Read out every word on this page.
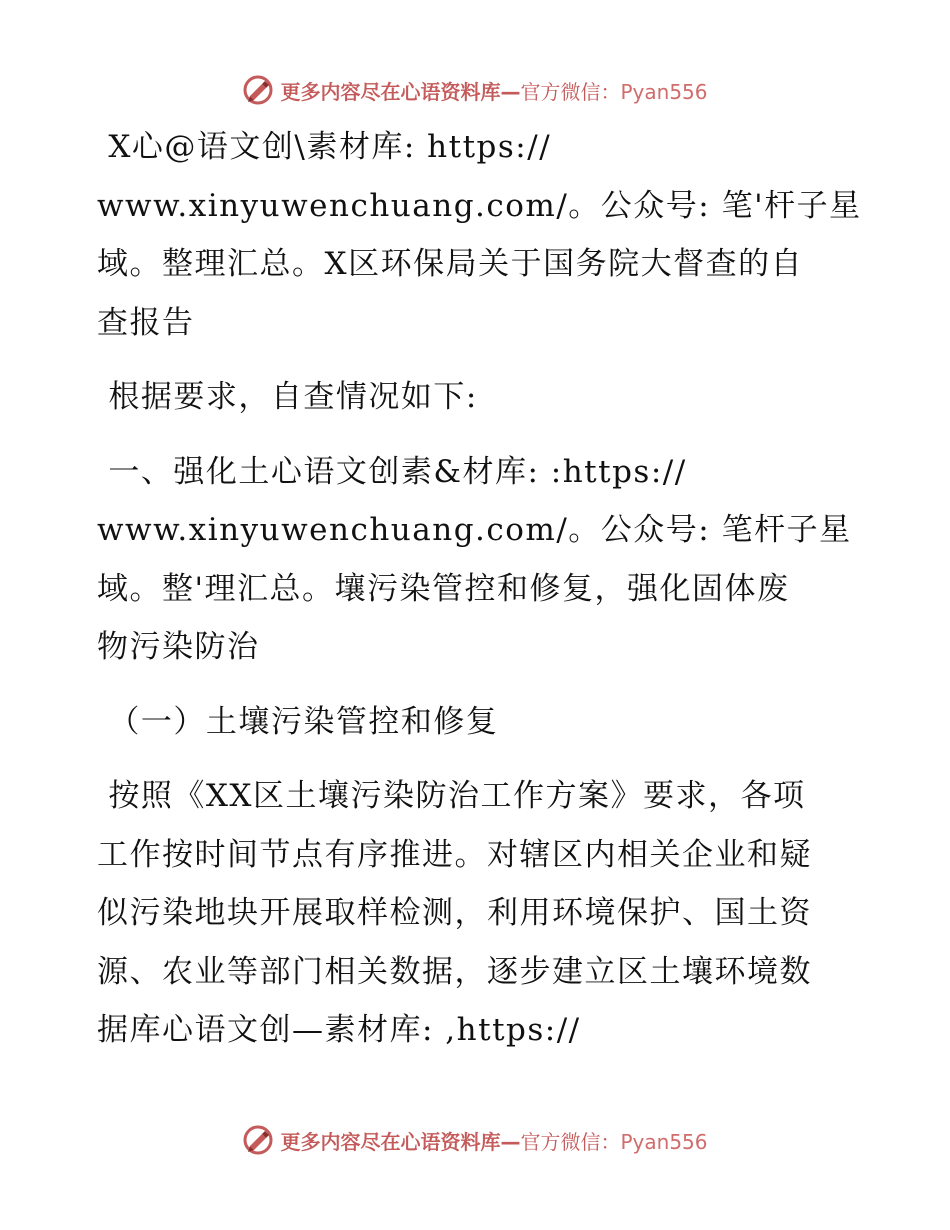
更多内容尽在心语资料库— 官方微信：Pyan556
X心@语文创\素材库: https://
www.xinyuwenchuang.com/。公众号: 笔'杆子星
域。整理汇总。X区环保局关于国务院大督查的自
查报告
根据要求，自查情况如下:
一、强化土心语文创素&材库: :https://
www.xinyuwenchuang.com/。公众号: 笔杆子星
域。整'理汇总。壤污染管控和修复，强化固体废
物污染防治
（一）土壤污染管控和修复
按照《XX区土壤污染防治工作方案》要求，各项
工作按时间节点有序推进。对辖区内相关企业和疑
似污染地块开展取样检测，利用环境保护、国土资
源、农业等部门相关数据，逐步建立区土壤环境数
据库心语文创—素材库: ,https://
更多内容尽在心语资料库— 官方微信：Pyan556
